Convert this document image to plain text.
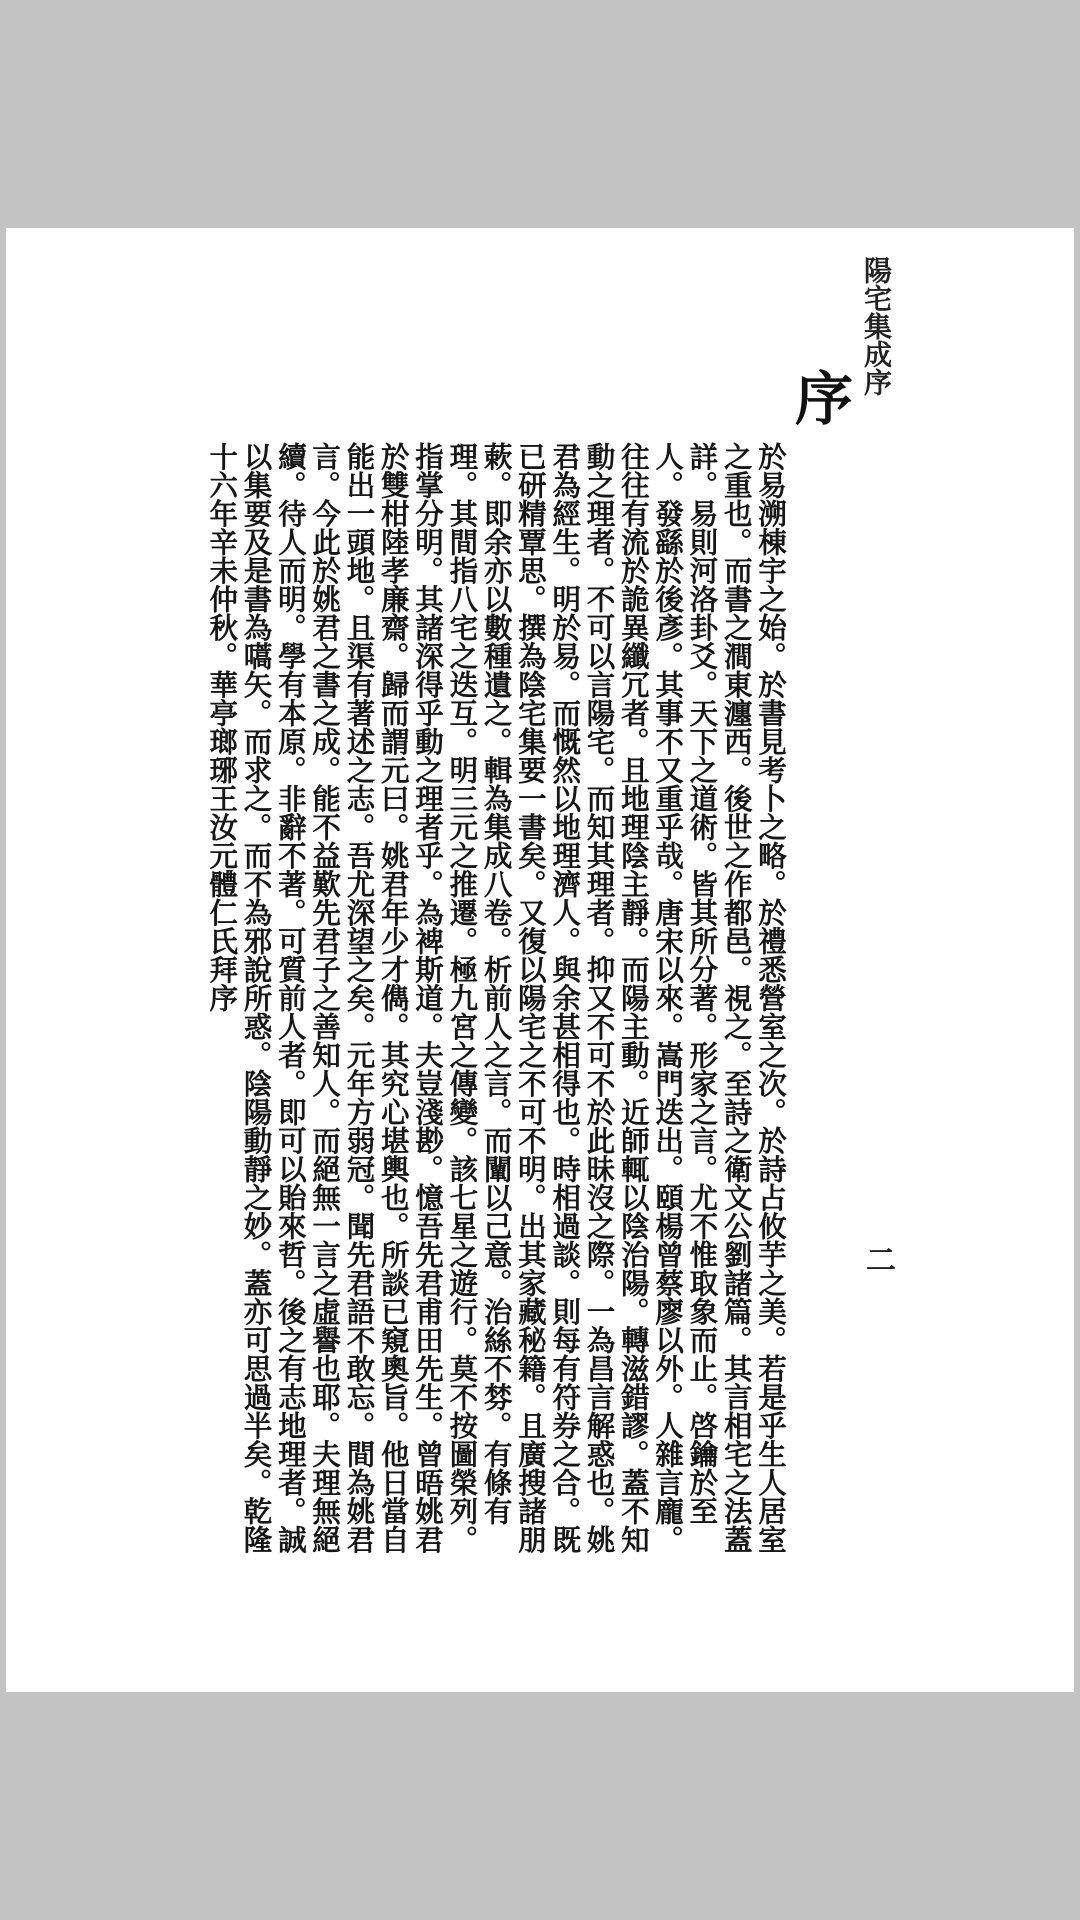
陽宅集成序
二
序

於易溯棟宇之始。於書見考卜之略。於禮悉營室之次。於詩占攸芋之美。若是乎生人居室之重也。而書之澗東瀍西。後世之作都邑。視之。至詩之衛文公劉諸篇。其言相宅之法蓋詳。易則河洛卦爻。天下之道術。皆其所分著。形家之言。尤不惟取象而止。啓鑰於至人。發繇於後彥。其事不又重乎哉。唐宋以來。嵩門迭出。頤楊曾蔡廖以外。人雜言龐。往往有流於詭異纖冗者。且地理陰主靜。而陽主動。近師輒以陰治陽。轉滋錯謬。蓋不知動之理者。不可以言陽宅。而知其理者。抑又不可不於此昧沒之際。一為昌言解惑也。姚君為經生。明於易。而慨然以地理濟人。與余甚相得也。時相過談。則每有符券之合。既已研精覃思。撰為陰宅集要一書矣。又復以陽宅之不可不明。出其家藏秘籍。且廣搜諸朋蔌。即余亦以數種遺之。輯為集成八卷。析前人之言。而闡以己意。治絲不棼。有條有理。其間指八宅之迭互。明三元之推遷。極九宮之傳變。該七星之遊行。莫不按圖榮列。指掌分明。其諸深得乎動之理者乎。為裨斯道。夫豈淺尠。憶吾先君甫田先生。曾晤姚君於雙柑陸孝廉齋。歸而謂元曰。姚君年少才儁。其究心堪輿也。所談已窺奧旨。他日當自能出一頭地。且渠有著述之志。吾尤深望之矣。元年方弱冠。聞先君語不敢忘。間為姚君言。今此於姚君之書之成。能不益歎先君子之善知人。而絕無一言之虛譽也耶。夫理無絕續。待人而明。學有本原。非辭不著。可質前人者。即可以貽來哲。後之有志地理者。誠以集要及是書為嚆矢。而求之。而不為邪說所惑。陰陽動靜之妙。蓋亦可思過半矣。乾隆十六年辛未仲秋。華亭瑯琊王汝元體仁氏拜序
